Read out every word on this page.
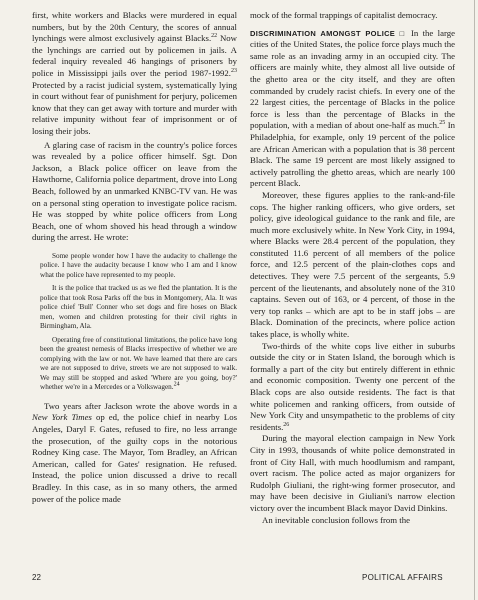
first, white workers and Blacks were murdered in equal numbers, but by the 20th Century, the scores of annual lynchings were almost exclusively against Blacks.$^{22}$ Now the lynchings are carried out by policemen in jails. A federal inquiry revealed 46 hangings of prisoners by police in Mississippi jails over the period 1987-1992.23 Protected by a racist judicial system, systematically lying in court without fear of punishment for perjury, policemen know that they can get away with torture and murder with relative impunity without fear of imprisonment or of losing their jobs.

A glaring case of racism in the country's police forces was revealed by a police officer himself. Sgt. Don Jackson, a Black police officer on leave from the Hawthorne, California police department, drove into Long Beach, followed by an unmarked KNBC-TV van. He was on a personal sting operation to investigate police racism. He was stopped by white police officers from Long Beach, one of whom shoved his head through a window during the arrest. He wrote:

Some people wonder how I have the audacity to challenge the police. I have the audacity because I know who I am and I know what the police have represented to my people.

It is the police that tracked us as we fled the plantation. It is the police that took Rosa Parks off the bus in Montgomery, Ala. It was police chief 'Bull' Conner who set dogs and fire hoses on Black men, women and children protesting for their civil rights in Birmingham, Ala.

Operating free of constitutional limitations, the police have long been the greatest nemesis of Blacks irrespective of whether we are complying with the law or not. We have learned that there are cars we are not supposed to drive, streets we are not supposed to walk. We may still be stopped and asked 'Where are you going, boy?' whether we're in a Mercedes or a Volkswagen.$^{24}$

Two years after Jackson wrote the above words in a New York Times op ed, the police chief in nearby Los Angeles, Daryl F. Gates, refused to fire, no less arrange the prosecution, of the guilty cops in the notorious Rodney King case. The Mayor, Tom Bradley, an African American, called for Gates' resignation. He refused. Instead, the police union discussed a drive to recall Bradley. In this case, as in so many others, the armed power of the police made

mock of the formal trappings of capitalist democracy.

DISCRIMINATION AMONGST POLICE □ In the large cities of the United States, the police force plays much the same role as an invading army in an occupied city. The officers are mainly white, they almost all live outside of the ghetto area or the city itself, and they are often commanded by crudely racist chiefs. In every one of the 22 largest cities, the percentage of Blacks in the police force is less than the percentage of Blacks in the population, with a median of about one-half as much.$^{25}$ In Philadelphia, for example, only 19 percent of the police are African American with a population that is 38 percent Black. The same 19 percent are most likely assigned to actively patrolling the ghetto areas, which are nearly 100 percent Black.

Moreover, these figures applies to the rank-and-file cops. The higher ranking officers, who give orders, set policy, give ideological guidance to the rank and file, are much more exclusively white. In New York City, in 1994, where Blacks were 28.4 percent of the population, they constituted 11.6 percent of all members of the police force, and 12.5 percent of the plain-clothes cops and detectives. They were 7.5 percent of the sergeants, 5.9 percent of the lieutenants, and absolutely none of the 310 captains. Seven out of 163, or 4 percent, of those in the very top ranks – which are apt to be in staff jobs – are Black. Domination of the precincts, where police action takes place, is wholly white.

Two-thirds of the white cops live either in suburbs outside the city or in Staten Island, the borough which is formally a part of the city but entirely different in ethnic and economic composition. Twenty one percent of the Black cops are also outside residents. The fact is that white policemen and ranking officers, from outside of New York City and unsympathetic to the problems of city residents.$^{26}$

During the mayoral election campaign in New York City in 1993, thousands of white police demonstrated in front of City Hall, with much hoodlumism and rampant, overt racism. The police acted as major organizers for Rudolph Giuliani, the right-wing former prosecutor, and may have been decisive in Giuliani's narrow election victory over the incumbent Black mayor David Dinkins.

An inevitable conclusion follows from the

22	POLITICAL AFFAIRS
